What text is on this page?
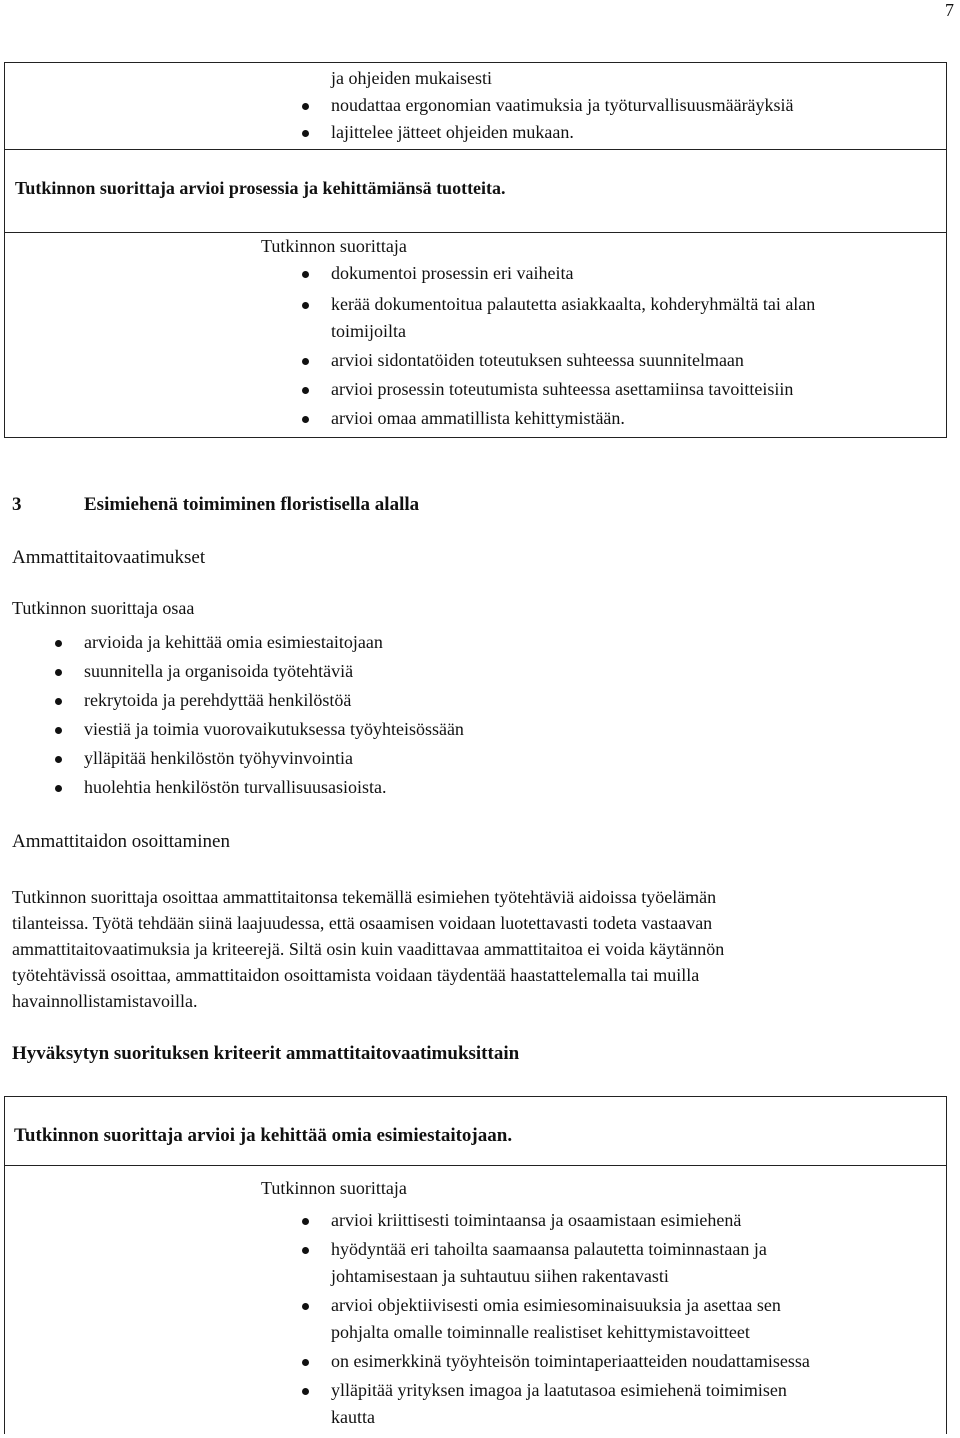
7
ja ohjeiden mukaisesti
noudattaa ergonomian vaatimuksia ja työturvallisuusmääräyksiä
lajittelee jätteet ohjeiden mukaan.
Tutkinnon suorittaja arvioi prosessia ja kehittämiänsä tuotteita.
Tutkinnon suorittaja
dokumentoi prosessin eri vaiheita
kerää dokumentoitua palautetta asiakkaalta, kohderyhmältä tai alan
toimijoilta
arvioi sidontatöiden toteutuksen suhteessa suunnitelmaan
arvioi prosessin toteutumista suhteessa asettamiinsa tavoitteisiin
arvioi omaa ammatillista kehittymistään.
3	Esimiehenä toimiminen floristisella alalla
Ammattitaitovaatimukset
Tutkinnon suorittaja osaa
arvioida ja kehittää omia esimiestaitojaan
suunnitella ja organisoida työtehtäviä
rekrytoida ja perehdyttää henkilöstöä
viestiä ja toimia vuorovaikutuksessa työyhteisössään
ylläpitää henkilöstön työhyvinvointia
huolehtia henkilöstön turvallisuusasioista.
Ammattitaidon osoittaminen
Tutkinnon suorittaja osoittaa ammattitaitonsa tekemällä esimiehen työtehtäviä aidoissa työelämän
tilanteissa. Työtä tehdään siinä laajuudessa, että osaamisen voidaan luotettavasti todeta vastaavan
ammattitaitovaatimuksia ja kriteerejä. Siltä osin kuin vaadittavaa ammattitaitoa ei voida käytännön
työtehtävissä osoittaa, ammattitaidon osoittamista voidaan täydentää haastattelemalla tai muilla
havainnollistamistavoilla.
Hyväksytyn suorituksen kriteerit ammattitaitovaatimuksittain
Tutkinnon suorittaja arvioi ja kehittää omia esimiestaitojaan.
Tutkinnon suorittaja
arvioi kriittisesti toimintaansa ja osaamistaan esimiehenä
hyödyntää eri tahoilta saamaansa palautetta toiminnastaan ja
johtamisestaan ja suhtautuu siihen rakentavasti
arvioi objektiivisesti omia esimiesominaisuuksia ja asettaa sen
pohjalta omalle toiminnalle realistiset kehittymistavoitteet
on esimerkkinä työyhteisön toimintaperiaatteiden noudattamisessa
ylläpitää yrityksen imagoa ja laatutasoa esimiehenä toimimisen
kautta
